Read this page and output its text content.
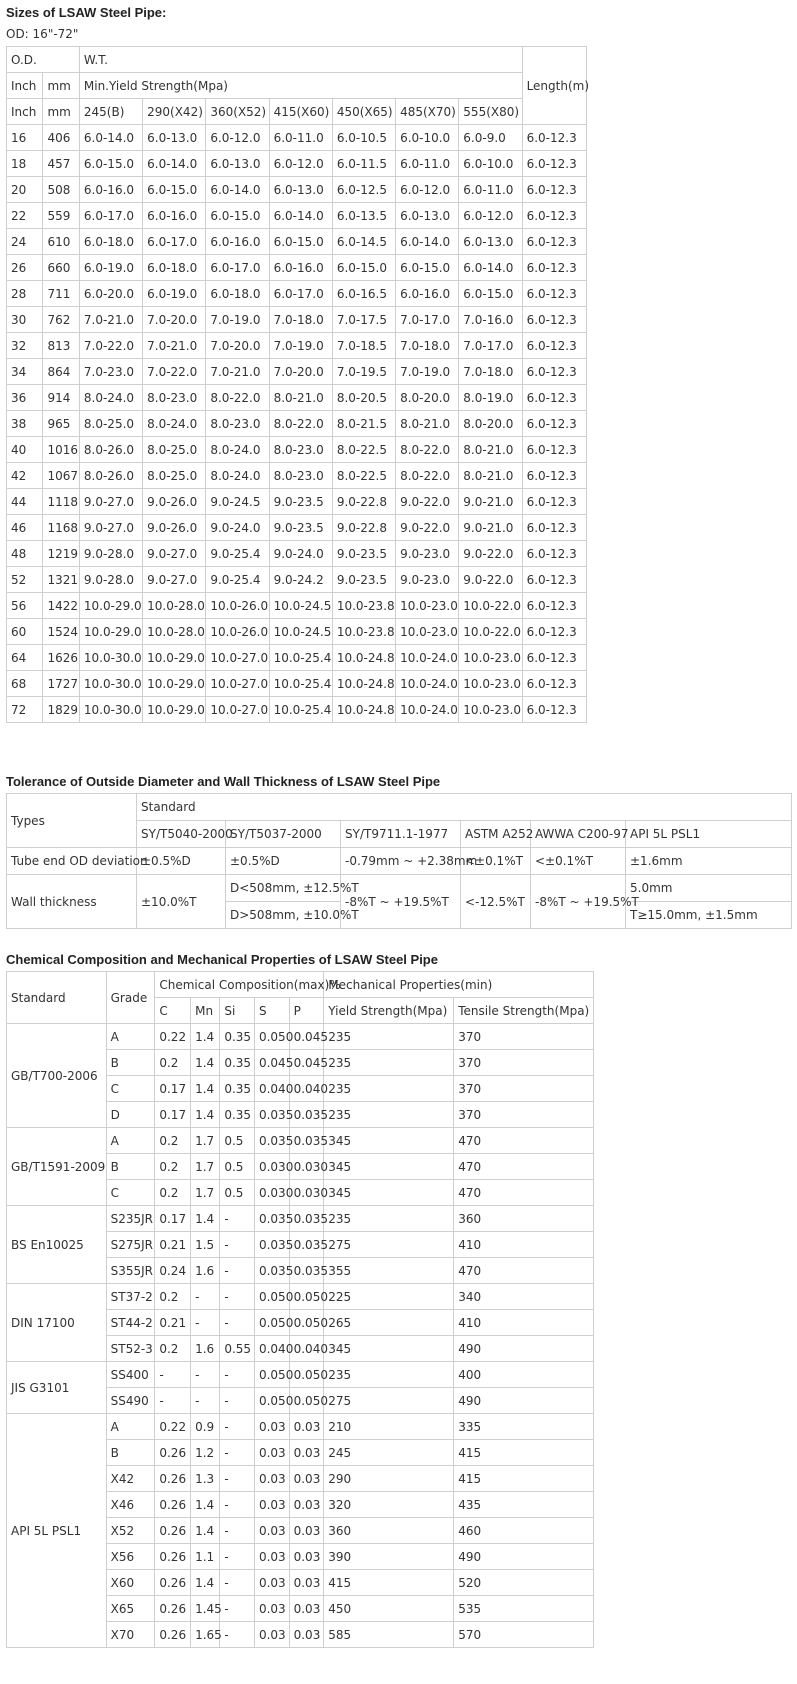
Sizes of LSAW Steel Pipe:

OD: 16"-72"

O.D.		W.T.							Length(m)
Inch	mm	Min.Yield Strength(Mpa)							
Inch	mm	245(B)	290(X42)	360(X52)	415(X60)	450(X65)	485(X70)	555(X80)	
16	406	6.0-14.0	6.0-13.0	6.0-12.0	6.0-11.0	6.0-10.5	6.0-10.0	6.0-9.0	6.0-12.3
18	457	6.0-15.0	6.0-14.0	6.0-13.0	6.0-12.0	6.0-11.5	6.0-11.0	6.0-10.0	6.0-12.3
20	508	6.0-16.0	6.0-15.0	6.0-14.0	6.0-13.0	6.0-12.5	6.0-12.0	6.0-11.0	6.0-12.3
22	559	6.0-17.0	6.0-16.0	6.0-15.0	6.0-14.0	6.0-13.5	6.0-13.0	6.0-12.0	6.0-12.3
24	610	6.0-18.0	6.0-17.0	6.0-16.0	6.0-15.0	6.0-14.5	6.0-14.0	6.0-13.0	6.0-12.3
26	660	6.0-19.0	6.0-18.0	6.0-17.0	6.0-16.0	6.0-15.0	6.0-15.0	6.0-14.0	6.0-12.3
28	711	6.0-20.0	6.0-19.0	6.0-18.0	6.0-17.0	6.0-16.5	6.0-16.0	6.0-15.0	6.0-12.3
30	762	7.0-21.0	7.0-20.0	7.0-19.0	7.0-18.0	7.0-17.5	7.0-17.0	7.0-16.0	6.0-12.3
32	813	7.0-22.0	7.0-21.0	7.0-20.0	7.0-19.0	7.0-18.5	7.0-18.0	7.0-17.0	6.0-12.3
34	864	7.0-23.0	7.0-22.0	7.0-21.0	7.0-20.0	7.0-19.5	7.0-19.0	7.0-18.0	6.0-12.3
36	914	8.0-24.0	8.0-23.0	8.0-22.0	8.0-21.0	8.0-20.5	8.0-20.0	8.0-19.0	6.0-12.3
38	965	8.0-25.0	8.0-24.0	8.0-23.0	8.0-22.0	8.0-21.5	8.0-21.0	8.0-20.0	6.0-12.3
40	1016	8.0-26.0	8.0-25.0	8.0-24.0	8.0-23.0	8.0-22.5	8.0-22.0	8.0-21.0	6.0-12.3
42	1067	8.0-26.0	8.0-25.0	8.0-24.0	8.0-23.0	8.0-22.5	8.0-22.0	8.0-21.0	6.0-12.3
44	1118	9.0-27.0	9.0-26.0	9.0-24.5	9.0-23.5	9.0-22.8	9.0-22.0	9.0-21.0	6.0-12.3
46	1168	9.0-27.0	9.0-26.0	9.0-24.0	9.0-23.5	9.0-22.8	9.0-22.0	9.0-21.0	6.0-12.3
48	1219	9.0-28.0	9.0-27.0	9.0-25.4	9.0-24.0	9.0-23.5	9.0-23.0	9.0-22.0	6.0-12.3
52	1321	9.0-28.0	9.0-27.0	9.0-25.4	9.0-24.2	9.0-23.5	9.0-23.0	9.0-22.0	6.0-12.3
56	1422	10.0-29.0	10.0-28.0	10.0-26.0	10.0-24.5	10.0-23.8	10.0-23.0	10.0-22.0	6.0-12.3
60	1524	10.0-29.0	10.0-28.0	10.0-26.0	10.0-24.5	10.0-23.8	10.0-23.0	10.0-22.0	6.0-12.3
64	1626	10.0-30.0	10.0-29.0	10.0-27.0	10.0-25.4	10.0-24.8	10.0-24.0	10.0-23.0	6.0-12.3
68	1727	10.0-30.0	10.0-29.0	10.0-27.0	10.0-25.4	10.0-24.8	10.0-24.0	10.0-23.0	6.0-12.3
72	1829	10.0-30.0	10.0-29.0	10.0-27.0	10.0-25.4	10.0-24.8	10.0-24.0	10.0-23.0	6.0-12.3
Tolerance of Outside Diameter and Wall Thickness of LSAW Steel Pipe
Types	Standard					
	SY/T5040-2000	SY/T5037-2000	SY/T9711.1-1977	ASTM A252	AWWA C200-97	API 5L PSL1
Tube end OD deviation	±0.5%D	±0.5%D	-0.79mm ~ +2.38mm	<±0.1%T	<±0.1%T	±1.6mm
Wall thickness	±10.0%T	D<508mm, ±12.5%T	-8%T ~ +19.5%T	<-12.5%T	-8%T ~ +19.5%T	5.0mm
		D>508mm, ±10.0%T				T≥15.0mm, ±1.5mm
Chemical Composition and Mechanical Properties of LSAW Steel Pipe
Standard	Grade	Chemical Composition(max)%					Mechanical Properties(min)	
		C	Mn	Si	S	P	Yield Strength(Mpa)	Tensile Strength(Mpa)
GB/T700-2006	A	0.22	1.4	0.35	0.050	0.045	235	370
	B	0.2	1.4	0.35	0.045	0.045	235	370
	C	0.17	1.4	0.35	0.040	0.040	235	370
	D	0.17	1.4	0.35	0.035	0.035	235	370
GB/T1591-2009	A	0.2	1.7	0.5	0.035	0.035	345	470
	B	0.2	1.7	0.5	0.030	0.030	345	470
	C	0.2	1.7	0.5	0.030	0.030	345	470
BS En10025	S235JR	0.17	1.4	-	0.035	0.035	235	360
	S275JR	0.21	1.5	-	0.035	0.035	275	410
	S355JR	0.24	1.6	-	0.035	0.035	355	470
DIN 17100	ST37-2	0.2	-	-	0.050	0.050	225	340
	ST44-2	0.21	-	-	0.050	0.050	265	410
	ST52-3	0.2	1.6	0.55	0.040	0.040	345	490
JIS G3101	SS400	-	-	-	0.050	0.050	235	400
	SS490	-	-	-	0.050	0.050	275	490
API 5L PSL1	A	0.22	0.9	-	0.03	0.03	210	335
	B	0.26	1.2	-	0.03	0.03	245	415
	X42	0.26	1.3	-	0.03	0.03	290	415
	X46	0.26	1.4	-	0.03	0.03	320	435
	X52	0.26	1.4	-	0.03	0.03	360	460
	X56	0.26	1.1	-	0.03	0.03	390	490
	X60	0.26	1.4	-	0.03	0.03	415	520
	X65	0.26	1.45	-	0.03	0.03	450	535
	X70	0.26	1.65	-	0.03	0.03	585	570
